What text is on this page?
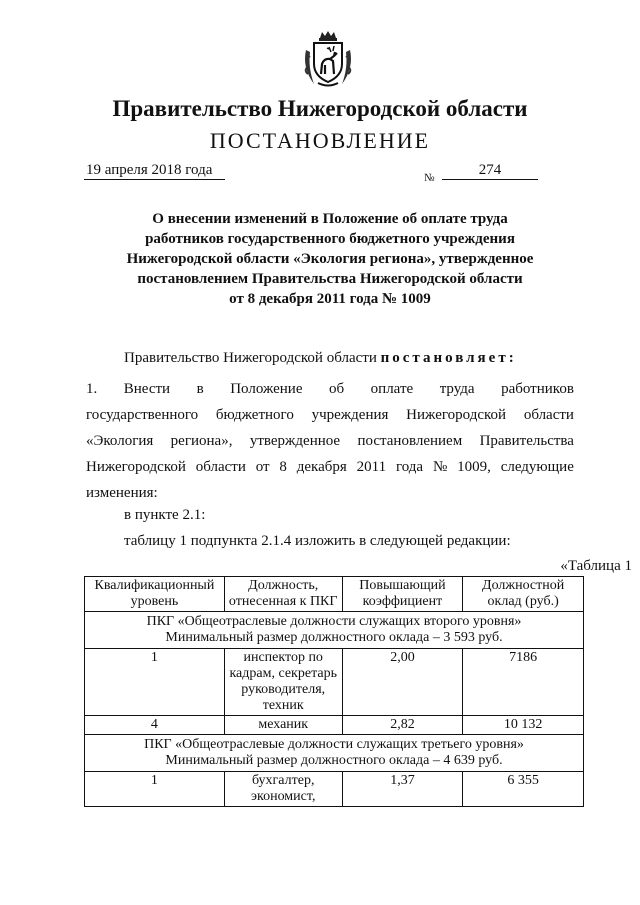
Правительство Нижегородской области
ПОСТАНОВЛЕНИЕ
19 апреля 2018 года	№	274
О внесении изменений в Положение об оплате труда
работников государственного бюджетного учреждения
Нижегородской области «Экология региона», утвержденное
постановлением Правительства Нижегородской области
от 8 декабря 2011 года № 1009
Правительство Нижегородской области постановляет:
1. Внести в Положение об оплате труда работников
государственного бюджетного учреждения Нижегородской области
«Экология региона», утвержденное постановлением Правительства
Нижегородской области от 8 декабря 2011 года № 1009, следующие
изменения:
в пункте 2.1:
таблицу 1 подпункта 2.1.4 изложить в следующей редакции:
«Таблица 1
Квалификационный уровень	Должность, отнесенная к ПКГ	Повышающий коэффициент	Должностной оклад (руб.)

ПКГ «Общеотраслевые должности служащих второго уровня»
Минимальный размер должностного оклада – 3 593 руб.			

1	инспектор по кадрам, секретарь руководителя, техник	2,00	7186
4	механик	2,82	10 132

ПКГ «Общеотраслевые должности служащих третьего уровня»
Минимальный размер должностного оклада – 4 639 руб.			

1	бухгалтер, экономист,	1,37	6 355
